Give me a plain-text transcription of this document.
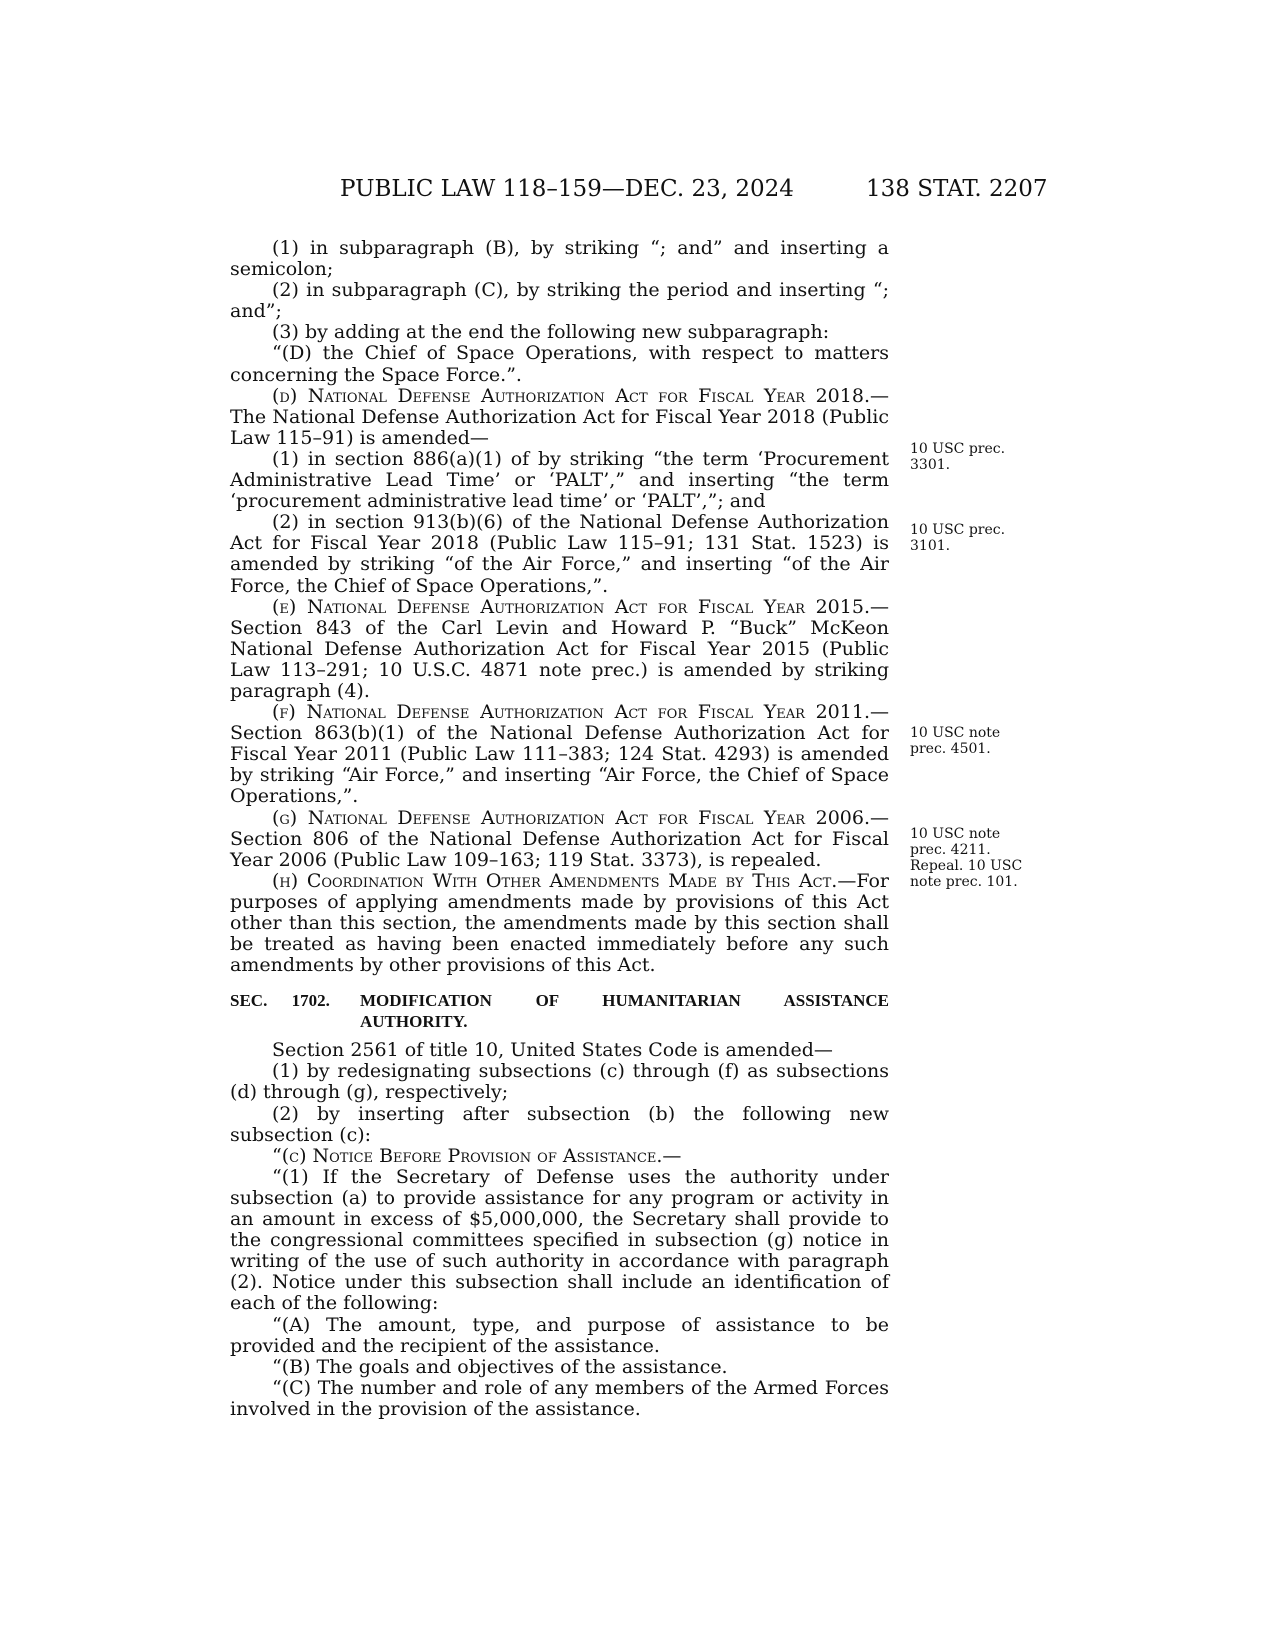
PUBLIC LAW 118–159—DEC. 23, 2024	138 STAT. 2207

(1) in subparagraph (B), by striking “; and” and inserting a semicolon;

(2) in subparagraph (C), by striking the period and inserting “; and”;

(3) by adding at the end the following new subparagraph:

“(D) the Chief of Space Operations, with respect to matters concerning the Space Force.”.

(d) National Defense Authorization Act for Fiscal Year 2018.—The National Defense Authorization Act for Fiscal Year 2018 (Public Law 115–91) is amended—

(1) in section 886(a)(1) of by striking “the term ‘Procurement Administrative Lead Time’ or ‘PALT’,” and inserting “the term ‘procurement administrative lead time’ or ‘PALT’,”; and

(2) in section 913(b)(6) of the National Defense Authorization Act for Fiscal Year 2018 (Public Law 115–91; 131 Stat. 1523) is amended by striking “of the Air Force,” and inserting “of the Air Force, the Chief of Space Operations,”.

(e) National Defense Authorization Act for Fiscal Year 2015.—Section 843 of the Carl Levin and Howard P. “Buck” McKeon National Defense Authorization Act for Fiscal Year 2015 (Public Law 113–291; 10 U.S.C. 4871 note prec.) is amended by striking paragraph (4).

(f) National Defense Authorization Act for Fiscal Year 2011.—Section 863(b)(1) of the National Defense Authorization Act for Fiscal Year 2011 (Public Law 111–383; 124 Stat. 4293) is amended by striking “Air Force,” and inserting “Air Force, the Chief of Space Operations,”.

(g) National Defense Authorization Act for Fiscal Year 2006.—Section 806 of the National Defense Authorization Act for Fiscal Year 2006 (Public Law 109–163; 119 Stat. 3373), is repealed.

(h) Coordination With Other Amendments Made by This Act.—For purposes of applying amendments made by provisions of this Act other than this section, the amendments made by this section shall be treated as having been enacted immediately before any such amendments by other provisions of this Act.

SEC. 1702.	MODIFICATION OF HUMANITARIAN ASSISTANCE
AUTHORITY.

Section 2561 of title 10, United States Code is amended—

(1) by redesignating subsections (c) through (f) as subsections (d) through (g), respectively;

(2) by inserting after subsection (b) the following new subsection (c):

“(c) Notice Before Provision of Assistance.—

“(1) If the Secretary of Defense uses the authority under subsection (a) to provide assistance for any program or activity in an amount in excess of $5,000,000, the Secretary shall provide to the congressional committees specified in subsection (g) notice in writing of the use of such authority in accordance with paragraph (2). Notice under this subsection shall include an identification of each of the following:

“(A) The amount, type, and purpose of assistance to be provided and the recipient of the assistance.

“(B) The goals and objectives of the assistance.

“(C) The number and role of any members of the Armed Forces involved in the provision of the assistance.

10 USC prec. 3301.
10 USC prec. 3101.
10 USC note prec. 4501.
10 USC note prec. 4211. Repeal. 10 USC note prec. 101.
